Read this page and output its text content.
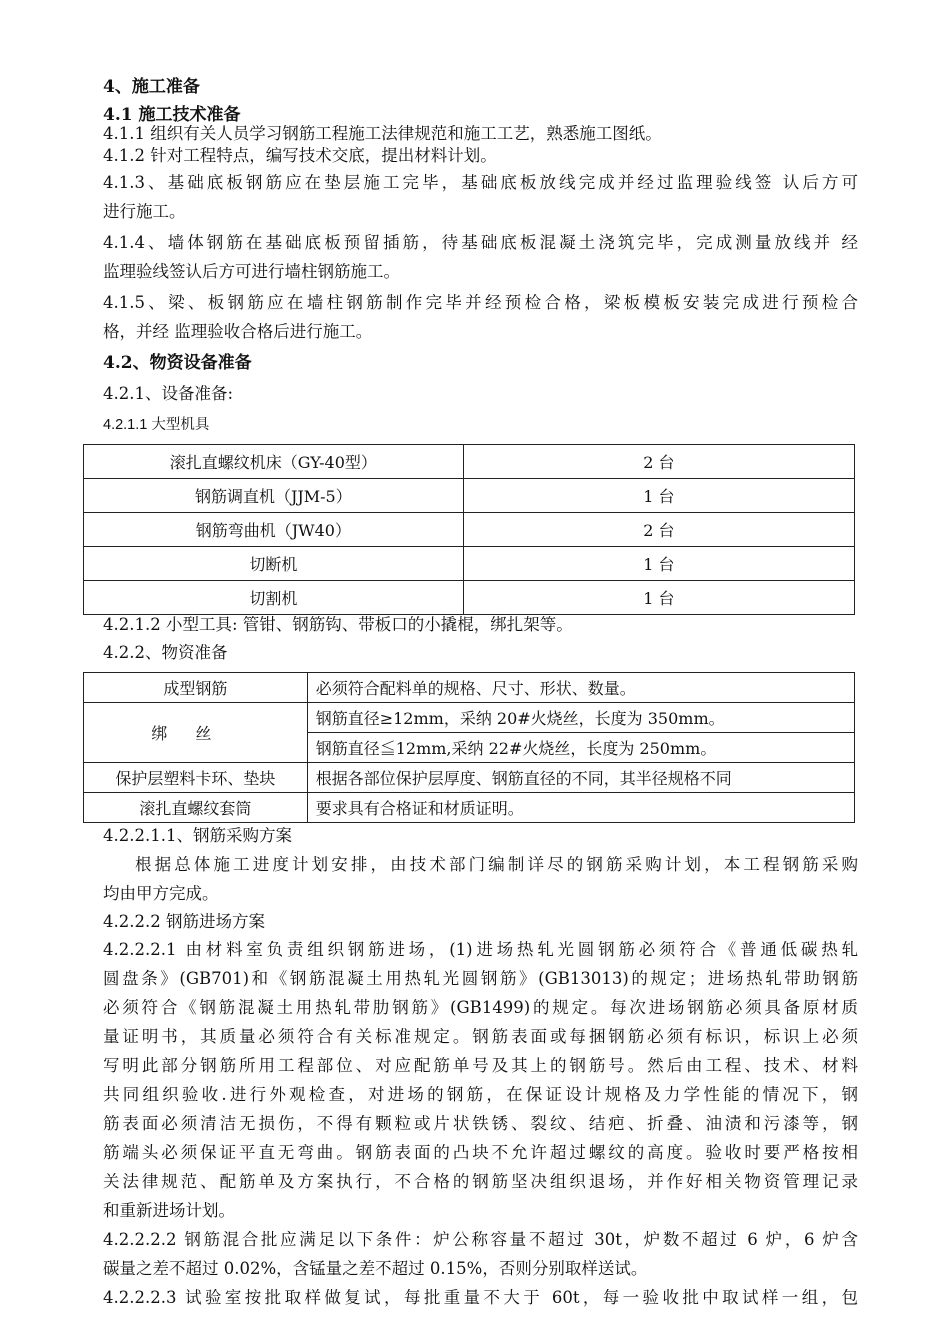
4、施工准备
4.1 施工技术准备
4.1.1 组织有关人员学习钢筋工程施工法律规范和施工工艺，熟悉施工图纸。
4.1.2 针对工程特点，编写技术交底，提出材料计划。
4.1.3、基础底板钢筋应在垫层施工完毕，基础底板放线完成并经过监理验线签 认后方可
进行施工。
4.1.4、墙体钢筋在基础底板预留插筋，待基础底板混凝土浇筑完毕，完成测量放线并 经
监理验线签认后方可进行墙柱钢筋施工。
4.1.5、梁、板钢筋应在墙柱钢筋制作完毕并经预检合格，梁板模板安装完成进行预检合
格，并经 监理验收合格后进行施工。
4.2、物资设备准备
4.2.1、设备准备:
4.2.1.1 大型机具
滚扎直螺纹机床（GY-40型）	2 台
钢筋调直机（JJM-5）	1 台
钢筋弯曲机（JW40）	2 台
切断机	1 台
切割机	1 台
4.2.1.2 小型工具: 管钳、钢筋钩、带板口的小撬棍，绑扎架等。
4.2.2、物资准备
成型钢筋	必须符合配料单的规格、尺寸、形状、数量。
绑丝	钢筋直径≥12mm，采纳 20#火烧丝，长度为 350mm。
	钢筋直径≦12mm,采纳 22#火烧丝，长度为 250mm。
保护层塑料卡环、垫块	根据各部位保护层厚度、钢筋直径的不同，其半径规格不同
滚扎直螺纹套筒	要求具有合格证和材质证明。
4.2.2.1.1、钢筋采购方案
根据总体施工进度计划安排，由技术部门编制详尽的钢筋采购计划，本工程钢筋采购
均由甲方完成。
4.2.2.2 钢筋进场方案
4.2.2.2.1 由材料室负责组织钢筋进场，(1)进场热轧光圆钢筋必须符合《普通低碳热轧
圆盘条》(GB701)和《钢筋混凝土用热轧光圆钢筋》(GB13013)的规定；进场热轧带助钢筋
必须符合《钢筋混凝土用热轧带肋钢筋》(GB1499)的规定。每次进场钢筋必须具备原材质
量证明书，其质量必须符合有关标准规定。钢筋表面或每捆钢筋必须有标识，标识上必须
写明此部分钢筋所用工程部位、对应配筋单号及其上的钢筋号。然后由工程、技术、材料
共同组织验收.进行外观检查，对进场的钢筋，在保证设计规格及力学性能的情况下，钢
筋表面必须清洁无损伤，不得有颗粒或片状铁锈、裂纹、结疤、折叠、油渍和污漆等，钢
筋端头必须保证平直无弯曲。钢筋表面的凸块不允许超过螺纹的高度。验收时要严格按相
关法律规范、配筋单及方案执行，不合格的钢筋坚决组织退场，并作好相关物资管理记录
和重新进场计划。
4.2.2.2.2 钢筋混合批应满足以下条件：炉公称容量不超过 30t，炉数不超过 6 炉，6 炉含
碳量之差不超过 0.02%，含锰量之差不超过 0.15%，否则分别取样送试。
4.2.2.2.3 试验室按批取样做复试，每批重量不大于 60t，每一验收批中取试样一组，包
